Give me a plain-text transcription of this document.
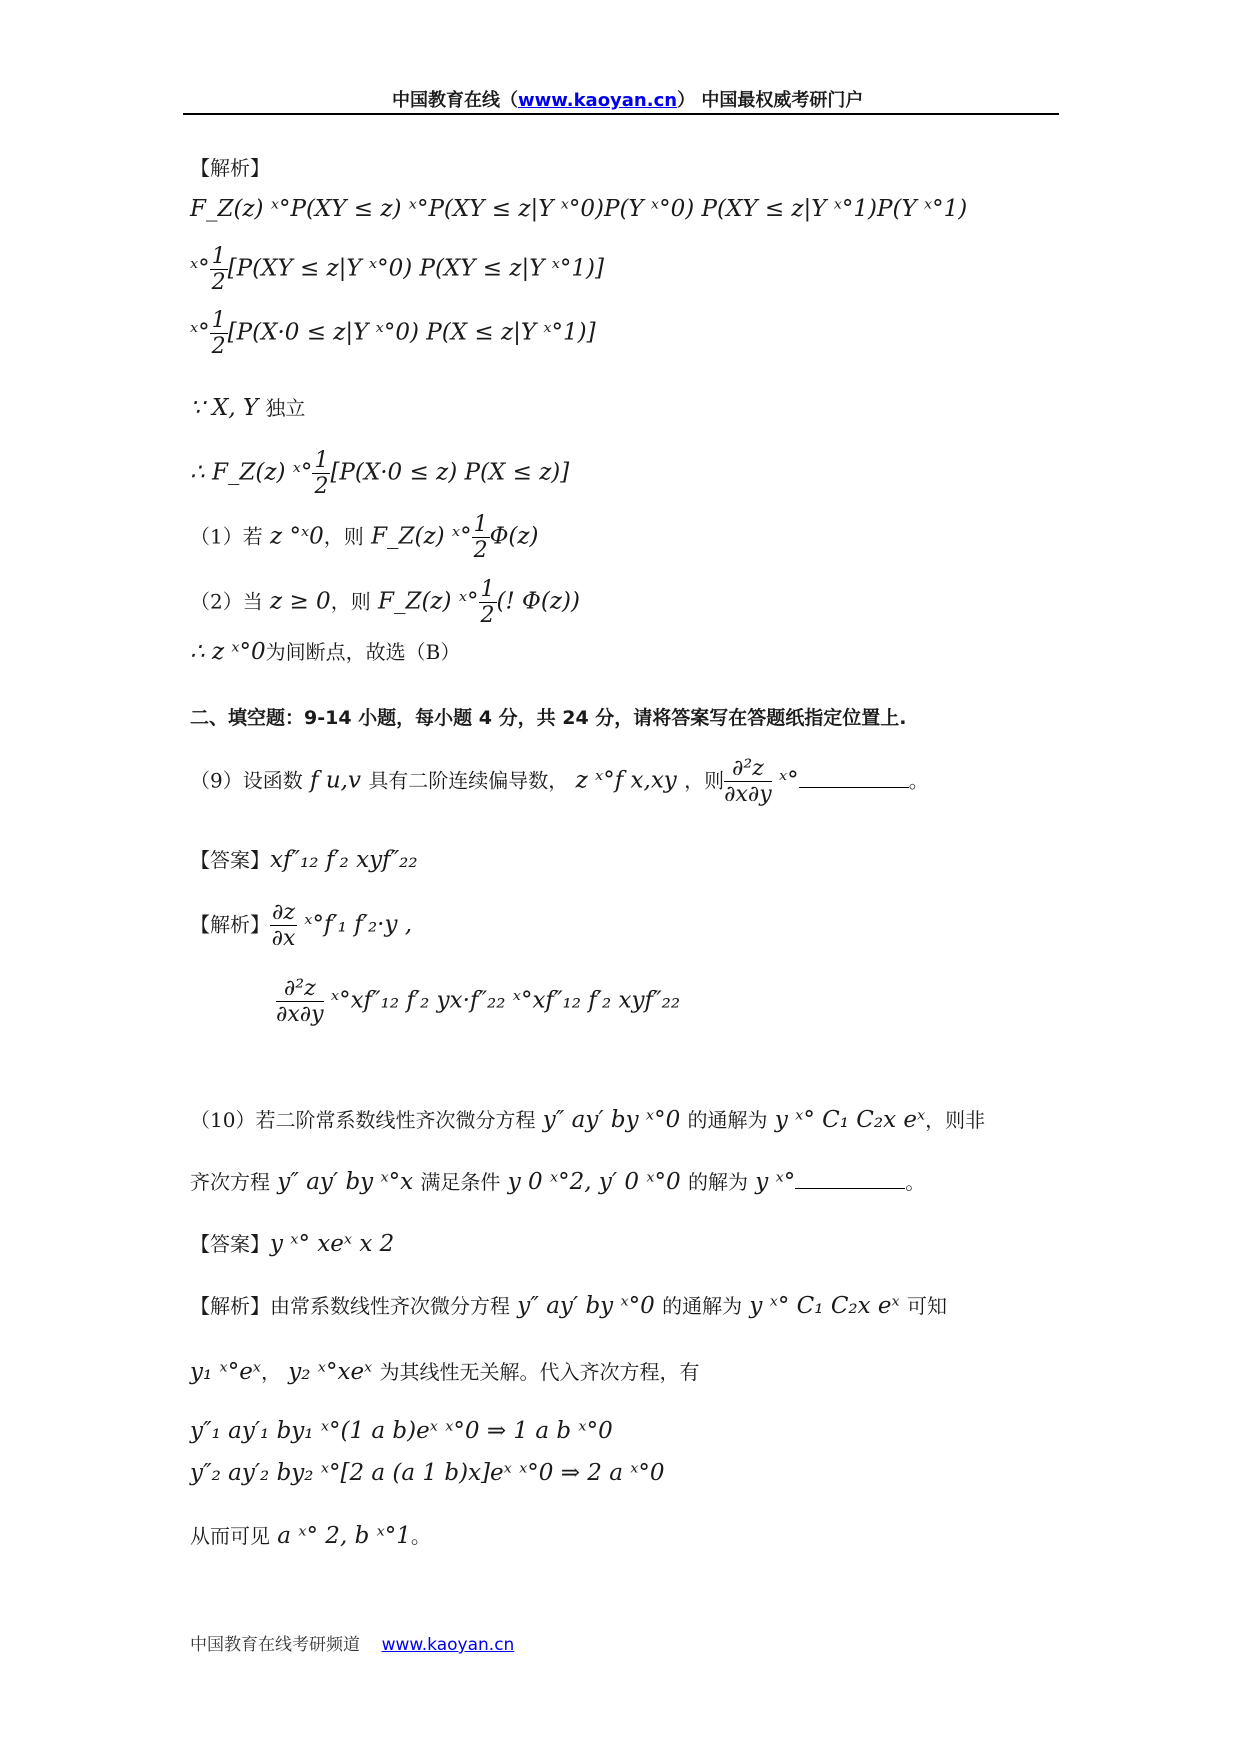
中国教育在线（www.kaoyan.cn） 中国最权威考研门户
【解析】
F_Z(z) ˣ°P(XY ≤ z) ˣ°P(XY ≤ z|Y ˣ°0)P(Y ˣ°0) P(XY ≤ z|Y ˣ°1)P(Y ˣ°1)
ˣ° $\frac{1}{2} [P(XY \le z|Y$ ˣ°0) P(XY ≤ z|Y ˣ°1)]
ˣ° $\frac{1}{2} [P(X\cdot 0 \le z|Y$ ˣ°0) P(X ≤ z|Y ˣ°1)]
∵ X, Y 独立
∴ F_Z(z) ˣ° $\frac{1}{2} [P(X\cdot 0 \le z) P(X \le z)]$
（1）若 z °ˣ0，则 F_Z(z) ˣ° $\frac{1}{2} \Phi(z)$
（2）当 z ≥ 0，则 F_Z(z) ˣ° $\frac{1}{2}$ (! Φ(z))
∴ z ˣ°0为间断点，故选（B）
二、填空题：9-14 小题，每小题 4 分，共 24 分，请将答案写在答题纸指定位置上.
（9）设函数 f u,v 具有二阶连续偏导数， z ˣ°f x,xy ，则 $\frac{\text{∂²z}}{\partial x\partial y}$ ˣ°	。
【答案】xf″₁₂ f′₂ xyf″₂₂
【解析】 $\frac{\partial z}{\partial x}$ ˣ°f′₁ f′₂·y ,
$\frac{\text{∂²z}}{\partial x\partial y}$ ˣ°xf″₁₂ f′₂ yx·f″₂₂ ˣ°xf″₁₂ f′₂ xyf″₂₂
（10）若二阶常系数线性齐次微分方程 y″ ay′ by ˣ°0 的通解为 y ˣ° C₁ C₂x eˣ，则非
齐次方程 y″ ay′ by ˣ°x 满足条件 y 0 ˣ°2, y′ 0 ˣ°0 的解为 y ˣ°	。
【答案】y ˣ° xeˣ x 2
【解析】由常系数线性齐次微分方程 y″ ay′ by ˣ°0 的通解为 y ˣ° C₁ C₂x eˣ 可知
y₁ ˣ°eˣ， y₂ ˣ°xeˣ 为其线性无关解。代入齐次方程，有
y″₁ ay′₁ by₁ ˣ°(1 a b)eˣ ˣ°0 ⇒ 1 a b ˣ°0
y″₂ ay′₂ by₂ ˣ°[2 a (a 1 b)x]eˣ ˣ°0 ⇒ 2 a ˣ°0
从而可见 a ˣ° 2, b ˣ°1。
中国教育在线考研频道 www.kaoyan.cn
